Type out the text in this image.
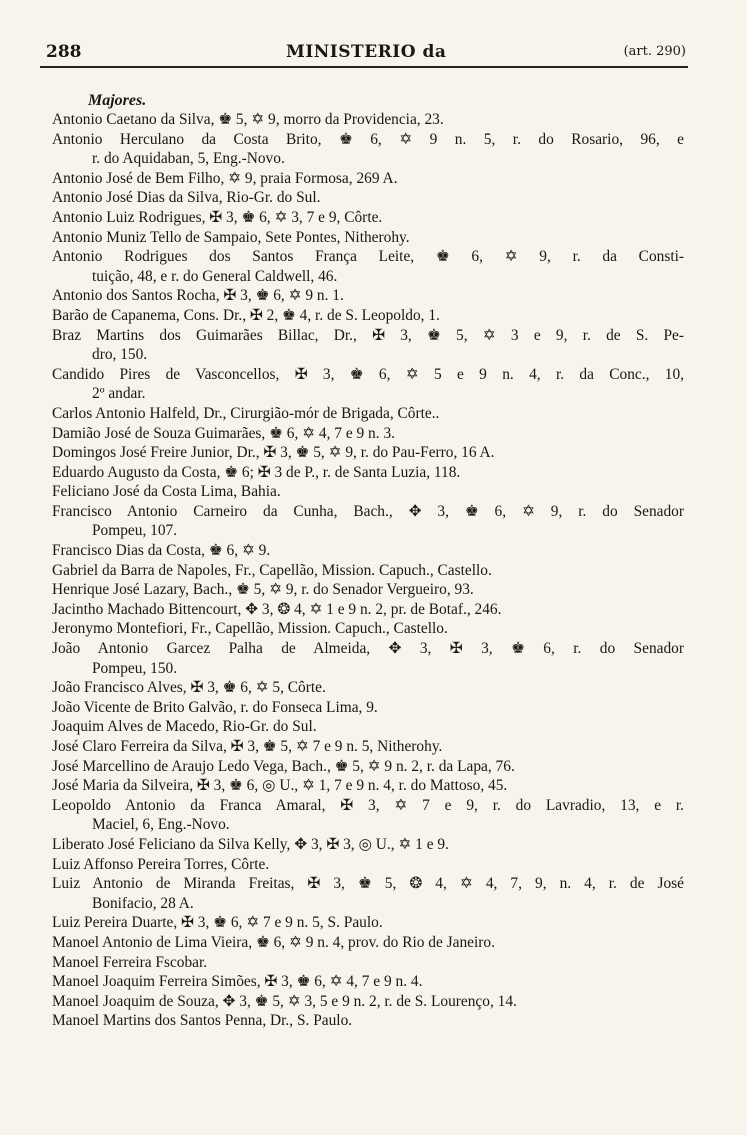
288	MINISTERIO da	(art. 290)
Majores.

Antonio Caetano da Silva, ♚ 5, ✡ 9, morro da Providencia, 23.

Antonio Herculano da Costa Brito, ♚ 6, ✡ 9 n. 5, r. do Rosario, 96, e

r. do Aquidaban, 5, Eng.-Novo.

Antonio José de Bem Filho, ✡ 9, praia Formosa, 269 A.

Antonio José Dias da Silva, Rio-Gr. do Sul.

Antonio Luiz Rodrigues, ✠ 3, ♚ 6, ✡ 3, 7 e 9, Côrte.

Antonio Muniz Tello de Sampaio, Sete Pontes, Nitherohy.

Antonio Rodrigues dos Santos França Leite, ♚ 6, ✡ 9, r. da Consti-

tuição, 48, e r. do General Caldwell, 46.

Antonio dos Santos Rocha, ✠ 3, ♚ 6, ✡ 9 n. 1.

Barão de Capanema, Cons. Dr., ✠ 2, ♚ 4, r. de S. Leopoldo, 1.

Braz Martins dos Guimarães Billac, Dr., ✠ 3, ♚ 5, ✡ 3 e 9, r. de S. Pe-

dro, 150.

Candido Pires de Vasconcellos, ✠ 3, ♚ 6, ✡ 5 e 9 n. 4, r. da Conc., 10,

2º andar.

Carlos Antonio Halfeld, Dr., Cirurgião-mór de Brigada, Côrte..

Damião José de Souza Guimarães, ♚ 6, ✡ 4, 7 e 9 n. 3.

Domingos José Freire Junior, Dr., ✠ 3, ♚ 5, ✡ 9, r. do Pau-Ferro, 16 A.

Eduardo Augusto da Costa, ♚ 6; ✠ 3 de P., r. de Santa Luzia, 118.

Feliciano José da Costa Lima, Bahia.

Francisco Antonio Carneiro da Cunha, Bach., ✥ 3, ♚ 6, ✡ 9, r. do Senador

Pompeu, 107.

Francisco Dias da Costa, ♚ 6, ✡ 9.

Gabriel da Barra de Napoles, Fr., Capellão, Mission. Capuch., Castello.

Henrique José Lazary, Bach., ♚ 5, ✡ 9, r. do Senador Vergueiro, 93.

Jacintho Machado Bittencourt, ✥ 3, ❂ 4, ✡ 1 e 9 n. 2, pr. de Botaf., 246.

Jeronymo Montefiori, Fr., Capellão, Mission. Capuch., Castello.

João Antonio Garcez Palha de Almeida, ✥ 3, ✠ 3, ♚ 6, r. do Senador

Pompeu, 150.

João Francisco Alves, ✠ 3, ♚ 6, ✡ 5, Côrte.

João Vicente de Brito Galvão, r. do Fonseca Lima, 9.

Joaquim Alves de Macedo, Rio-Gr. do Sul.

José Claro Ferreira da Silva, ✠ 3, ♚ 5, ✡ 7 e 9 n. 5, Nitherohy.

José Marcellino de Araujo Ledo Vega, Bach., ♚ 5, ✡ 9 n. 2, r. da Lapa, 76.

José Maria da Silveira, ✠ 3, ♚ 6, ◎ U., ✡ 1, 7 e 9 n. 4, r. do Mattoso, 45.

Leopoldo Antonio da Franca Amaral, ✠ 3, ✡ 7 e 9, r. do Lavradio, 13, e r.

Maciel, 6, Eng.-Novo.

Liberato José Feliciano da Silva Kelly, ✥ 3, ✠ 3, ◎ U., ✡ 1 e 9.

Luiz Affonso Pereira Torres, Côrte.

Luiz Antonio de Miranda Freitas, ✠ 3, ♚ 5, ❂ 4, ✡ 4, 7, 9, n. 4, r. de José

Bonifacio, 28 A.

Luiz Pereira Duarte, ✠ 3, ♚ 6, ✡ 7 e 9 n. 5, S. Paulo.

Manoel Antonio de Lima Vieira, ♚ 6, ✡ 9 n. 4, prov. do Rio de Janeiro.

Manoel Ferreira Fscobar.

Manoel Joaquim Ferreira Simões, ✠ 3, ♚ 6, ✡ 4, 7 e 9 n. 4.

Manoel Joaquim de Souza, ✥ 3, ♚ 5, ✡ 3, 5 e 9 n. 2, r. de S. Lourenço, 14.

Manoel Martins dos Santos Penna, Dr., S. Paulo.
